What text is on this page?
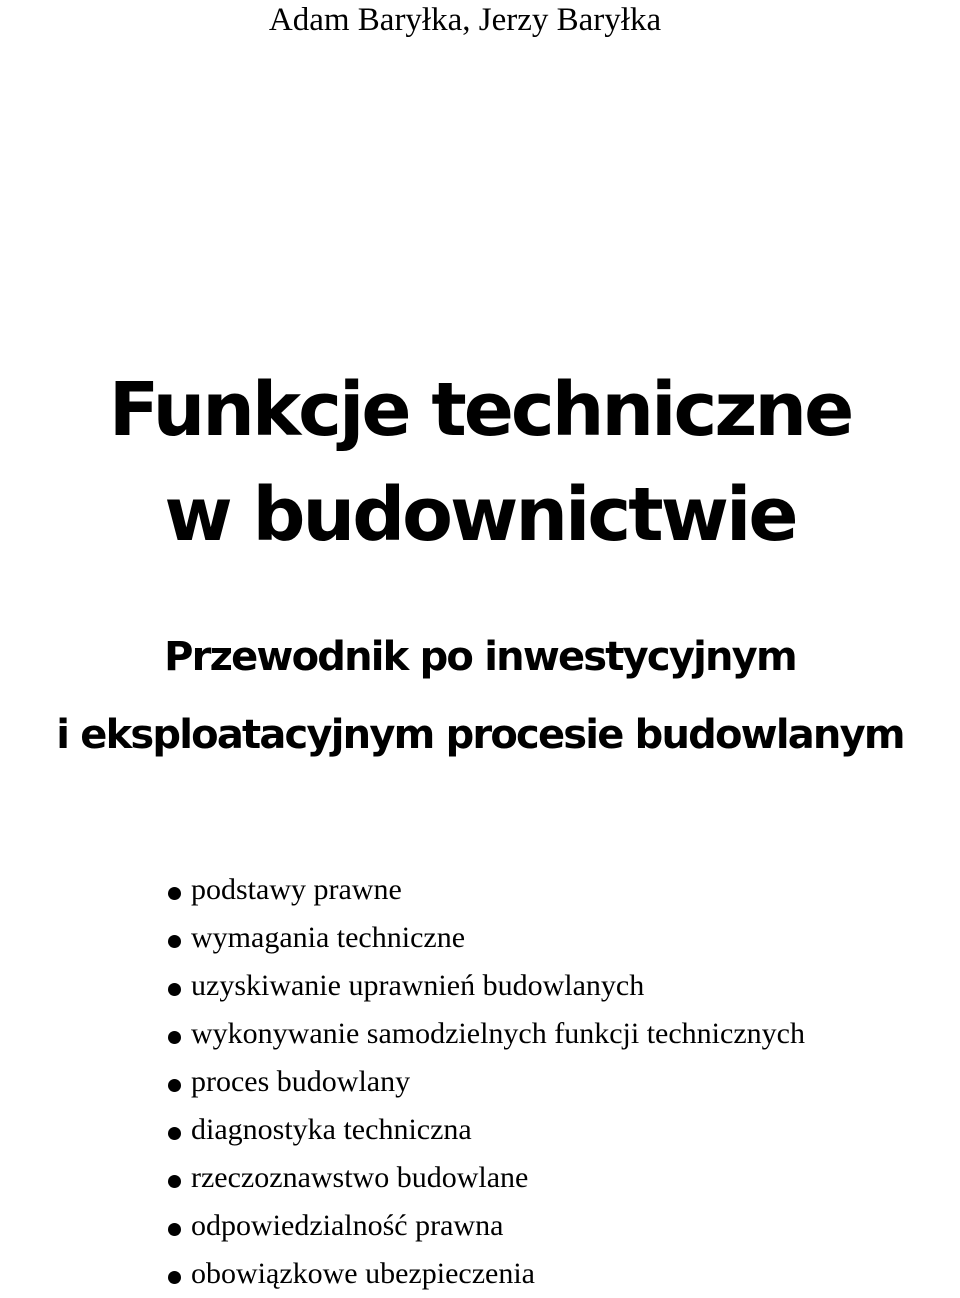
Adam Baryłka, Jerzy Baryłka
Funkcje techniczne
w budownictwie
Przewodnik po inwestycyjnym
i eksploatacyjnym procesie budowlanym
podstawy prawne
wymagania techniczne
uzyskiwanie uprawnień budowlanych
wykonywanie samodzielnych funkcji technicznych
proces budowlany
diagnostyka techniczna
rzeczoznawstwo budowlane
odpowiedzialność prawna
obowiązkowe ubezpieczenia
